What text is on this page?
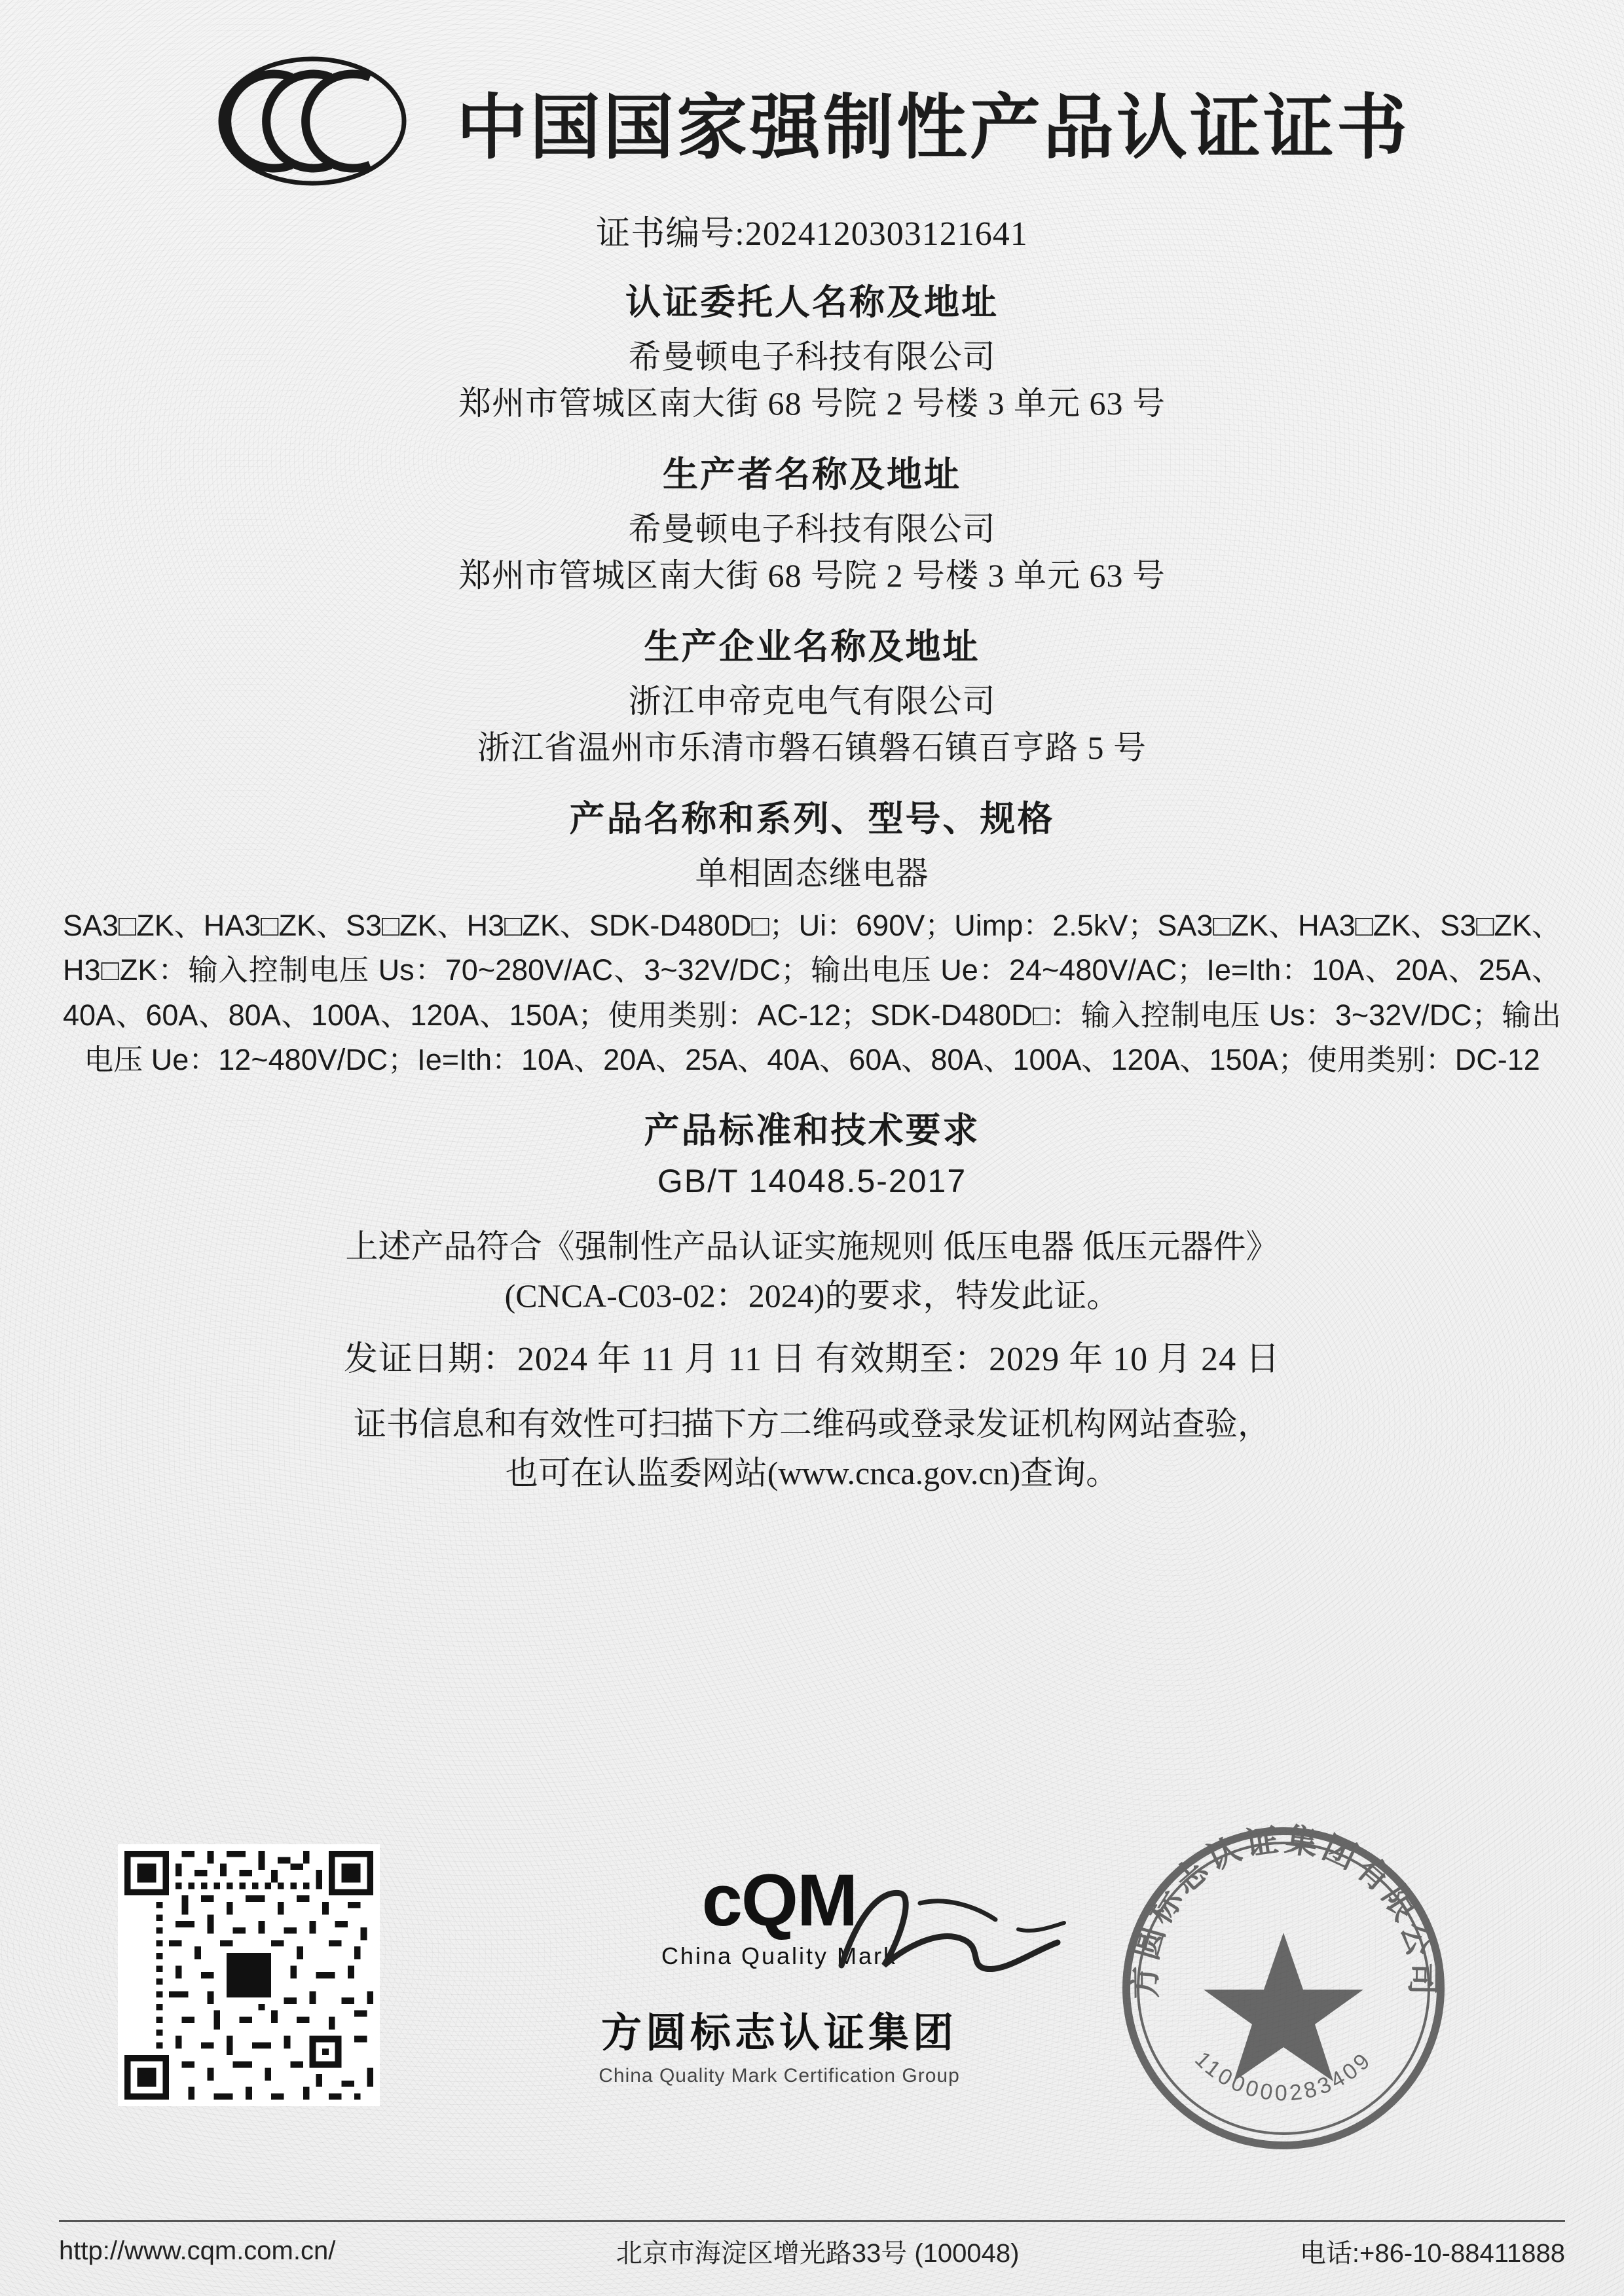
中国国家强制性产品认证证书
证书编号:2024120303121641
认证委托人名称及地址
希曼顿电子科技有限公司
郑州市管城区南大街 68 号院 2 号楼 3 单元 63 号
生产者名称及地址
希曼顿电子科技有限公司
郑州市管城区南大街 68 号院 2 号楼 3 单元 63 号
生产企业名称及地址
浙江申帝克电气有限公司
浙江省温州市乐清市磐石镇磐石镇百亨路 5 号
产品名称和系列、型号、规格
单相固态继电器
SA3□ZK、HA3□ZK、S3□ZK、H3□ZK、SDK-D480D□；Ui：690V；Uimp：2.5kV；SA3□ZK、HA3□ZK、S3□ZK、H3□ZK：输入控制电压 Us：70~280V/AC、3~32V/DC；输出电压 Ue：24~480V/AC；Ie=Ith：10A、20A、25A、40A、60A、80A、100A、120A、150A；使用类别：AC-12；SDK-D480D□：输入控制电压 Us：3~32V/DC；输出电压 Ue：12~480V/DC；Ie=Ith：10A、20A、25A、40A、60A、80A、100A、120A、150A；使用类别：DC-12
产品标准和技术要求
GB/T 14048.5-2017
上述产品符合《强制性产品认证实施规则 低压电器 低压元器件》
(CNCA-C03-02：2024)的要求，特发此证。
发证日期：2024 年 11 月 11 日 有效期至：2029 年 10 月 24 日
证书信息和有效性可扫描下方二维码或登录发证机构网站查验，
也可在认监委网站(www.cnca.gov.cn)查询。
cQM
China Quality Mark
方圆标志认证集团
China Quality Mark Certification Group
方圆标志认证集团有限公司
1100000283409
http://www.cqm.com.cn/	北京市海淀区增光路33号 (100048)	电话:+86-10-88411888
